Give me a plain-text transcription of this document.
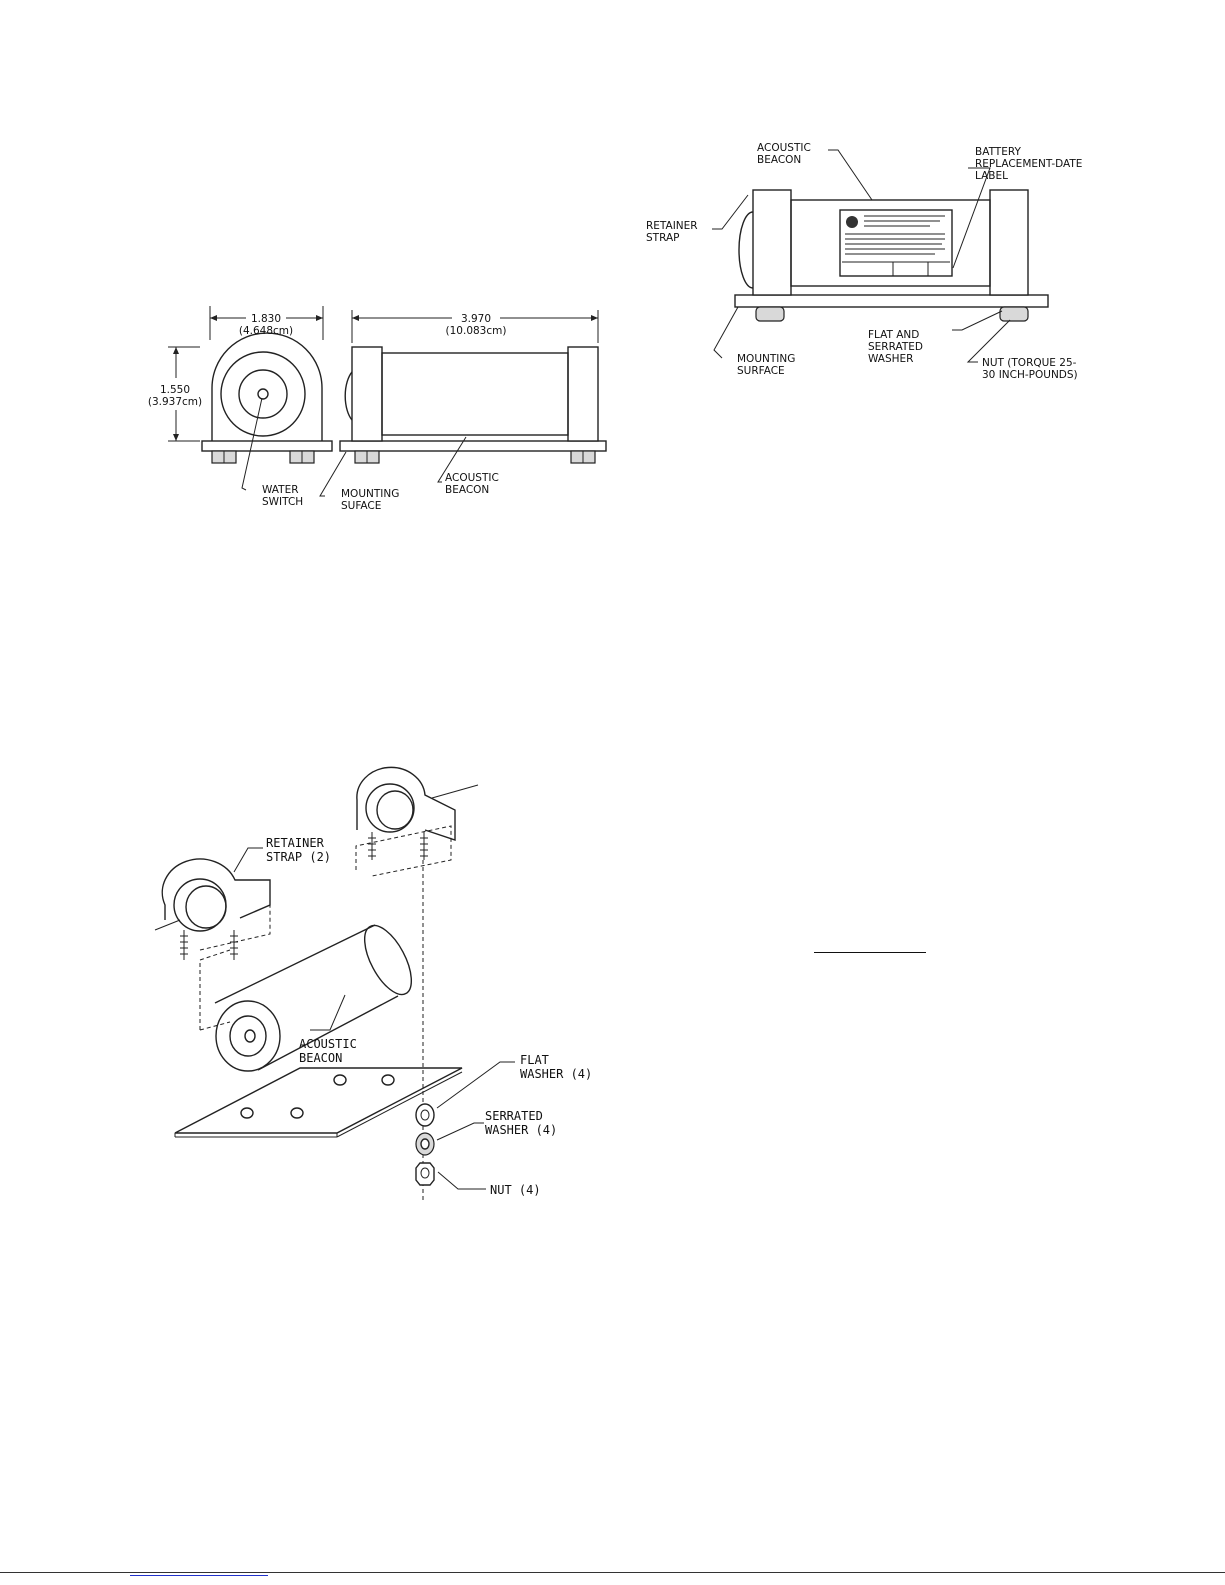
1.830
(4.648cm)
1.550
(3.937cm)
3.970
(10.083cm)
WATER
SWITCH
MOUNTING
SUFACE
ACOUSTIC
BEACON
ACOUSTIC
BEACON
BATTERY
REPLACEMENT-DATE
LABEL
RETAINER
STRAP
MOUNTING
SURFACE
FLAT AND
SERRATED
WASHER	NUT (TORQUE 25-
30 INCH-POUNDS)
RETAINER
STRAP (2)
ACOUSTIC
BEACON	FLAT
WASHER (4)
SERRATED
WASHER (4)
NUT (4)
